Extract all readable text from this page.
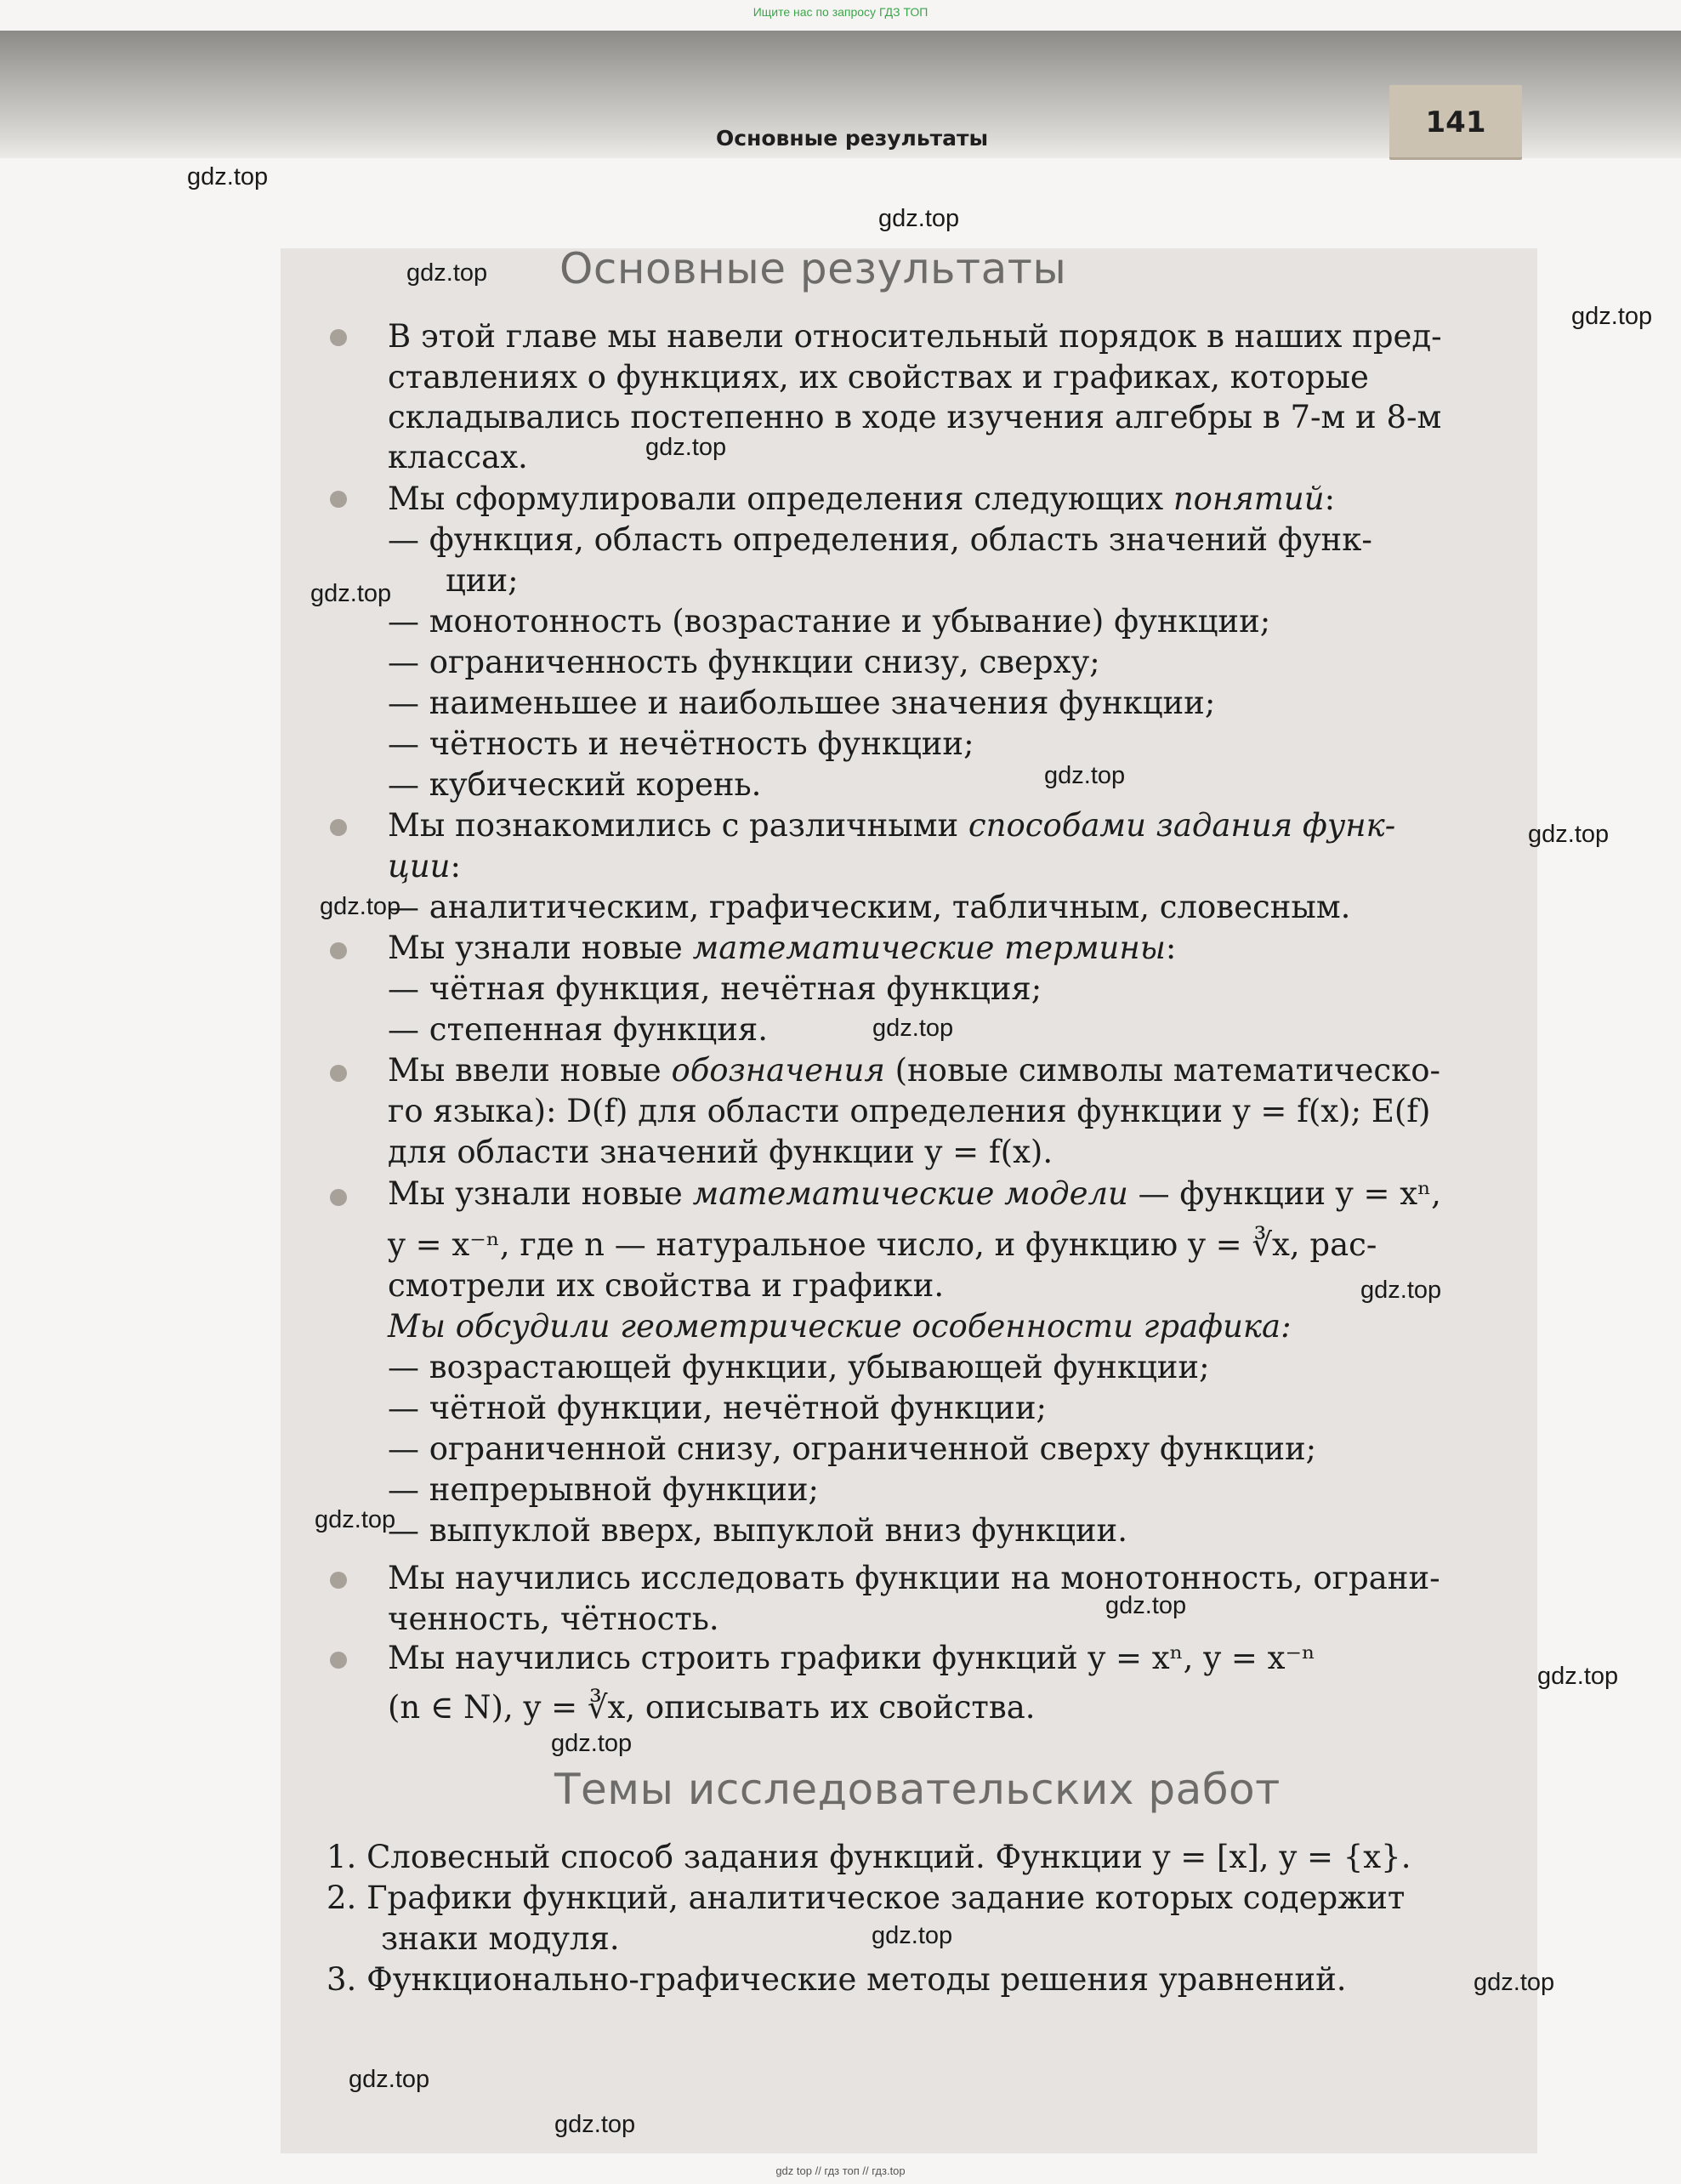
Ищите нас по запросу ГДЗ ТОП
Основные результаты	141
Основные результаты
В этой главе мы навели относительный порядок в наших пред-
ставлениях о функциях, их свойствах и графиках, которые
складывались постепенно в ходе изучения алгебры в 7-м и 8-м
классах.
Мы сформулировали определения следующих понятий:
— функция, область определения, область значений функ-
ции;
— монотонность (возрастание и убывание) функции;
— ограниченность функции снизу, сверху;
— наименьшее и наибольшее значения функции;
— чётность и нечётность функции;
— кубический корень.
Мы познакомились с различными способами задания функ-
ции:
— аналитическим, графическим, табличным, словесным.
Мы узнали новые математические термины:
— чётная функция, нечётная функция;
— степенная функция.
Мы ввели новые обозначения (новые символы математическо-
го языка): D(f) для области определения функции y = f(x); E(f)
для области значений функции y = f(x).
Мы узнали новые математические модели — функции y = xⁿ,
y = x⁻ⁿ, где n — натуральное число, и функцию y = ∛x, рас-
смотрели их свойства и графики.
Мы обсудили геометрические особенности графика:
— возрастающей функции, убывающей функции;
— чётной функции, нечётной функции;
— ограниченной снизу, ограниченной сверху функции;
— непрерывной функции;
— выпуклой вверх, выпуклой вниз функции.
Мы научились исследовать функции на монотонность, ограни-
ченность, чётность.
Мы научились строить графики функций y = xⁿ, y = x⁻ⁿ
(n ∈ N), y = ∛x, описывать их свойства.
Темы исследовательских работ
1. Словесный способ задания функций. Функции y = [x], y = {x}.
2. Графики функций, аналитическое задание которых содержит
знаки модуля.
3. Функционально-графические методы решения уравнений.
gdz.top
gdz.top
gdz.top
gdz.top
gdz.top
gdz.top
gdz.top
gdz.top
gdz.top
gdz.top
gdz.top
gdz.top
gdz.top
gdz.top
gdz.top
gdz.top
gdz.top
gdz.top
gdz.top
gdz top // гдз топ // гдз.top
